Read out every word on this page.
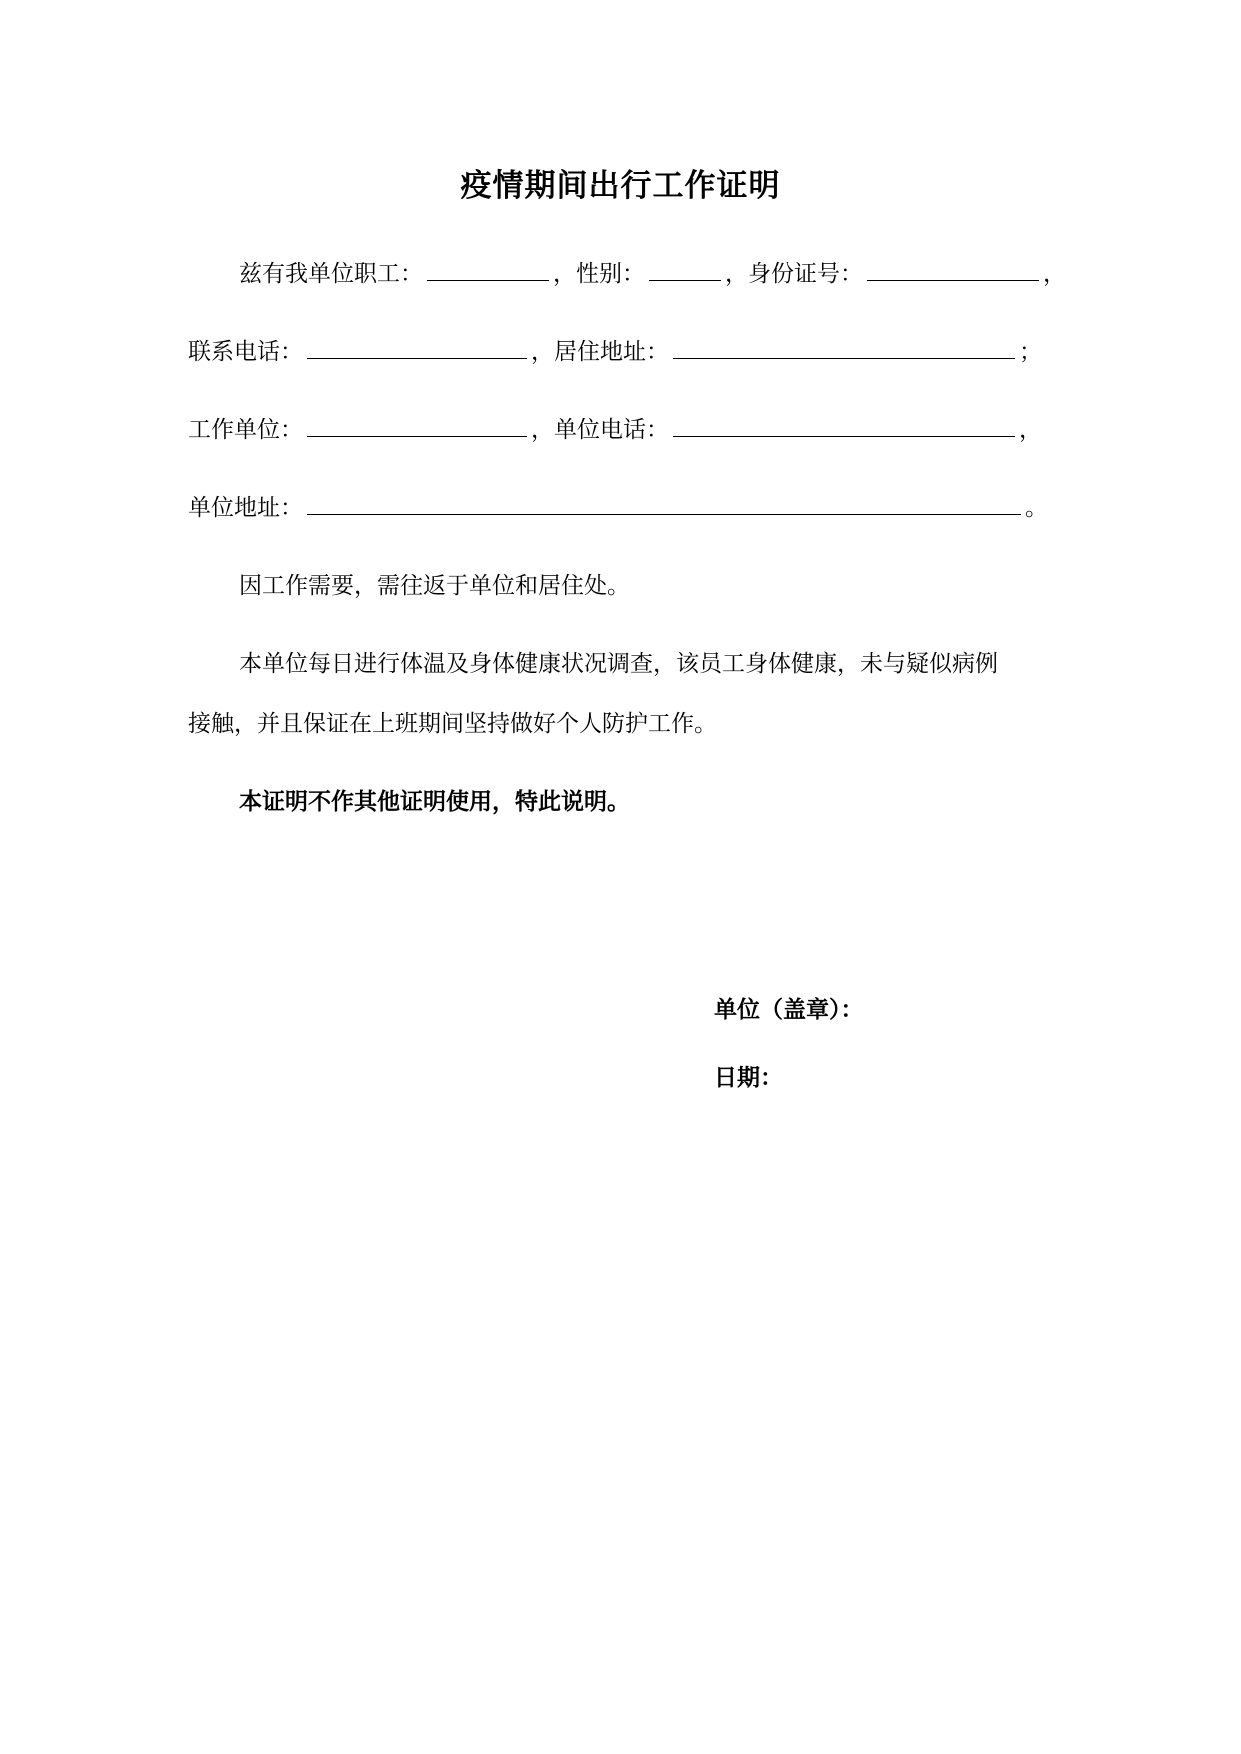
疫情期间出行工作证明
兹有我单位职工：	，性别：	，身份证号：	，
联系电话：	，居住地址：	；
工作单位：	，单位电话：	，
单位地址：	。
因工作需要，需往返于单位和居住处。
本单位每日进行体温及身体健康状况调查，该员工身体健康，未与疑似病例
接触，并且保证在上班期间坚持做好个人防护工作。
本证明不作其他证明使用，特此说明。
单位（盖章）：
日期：
